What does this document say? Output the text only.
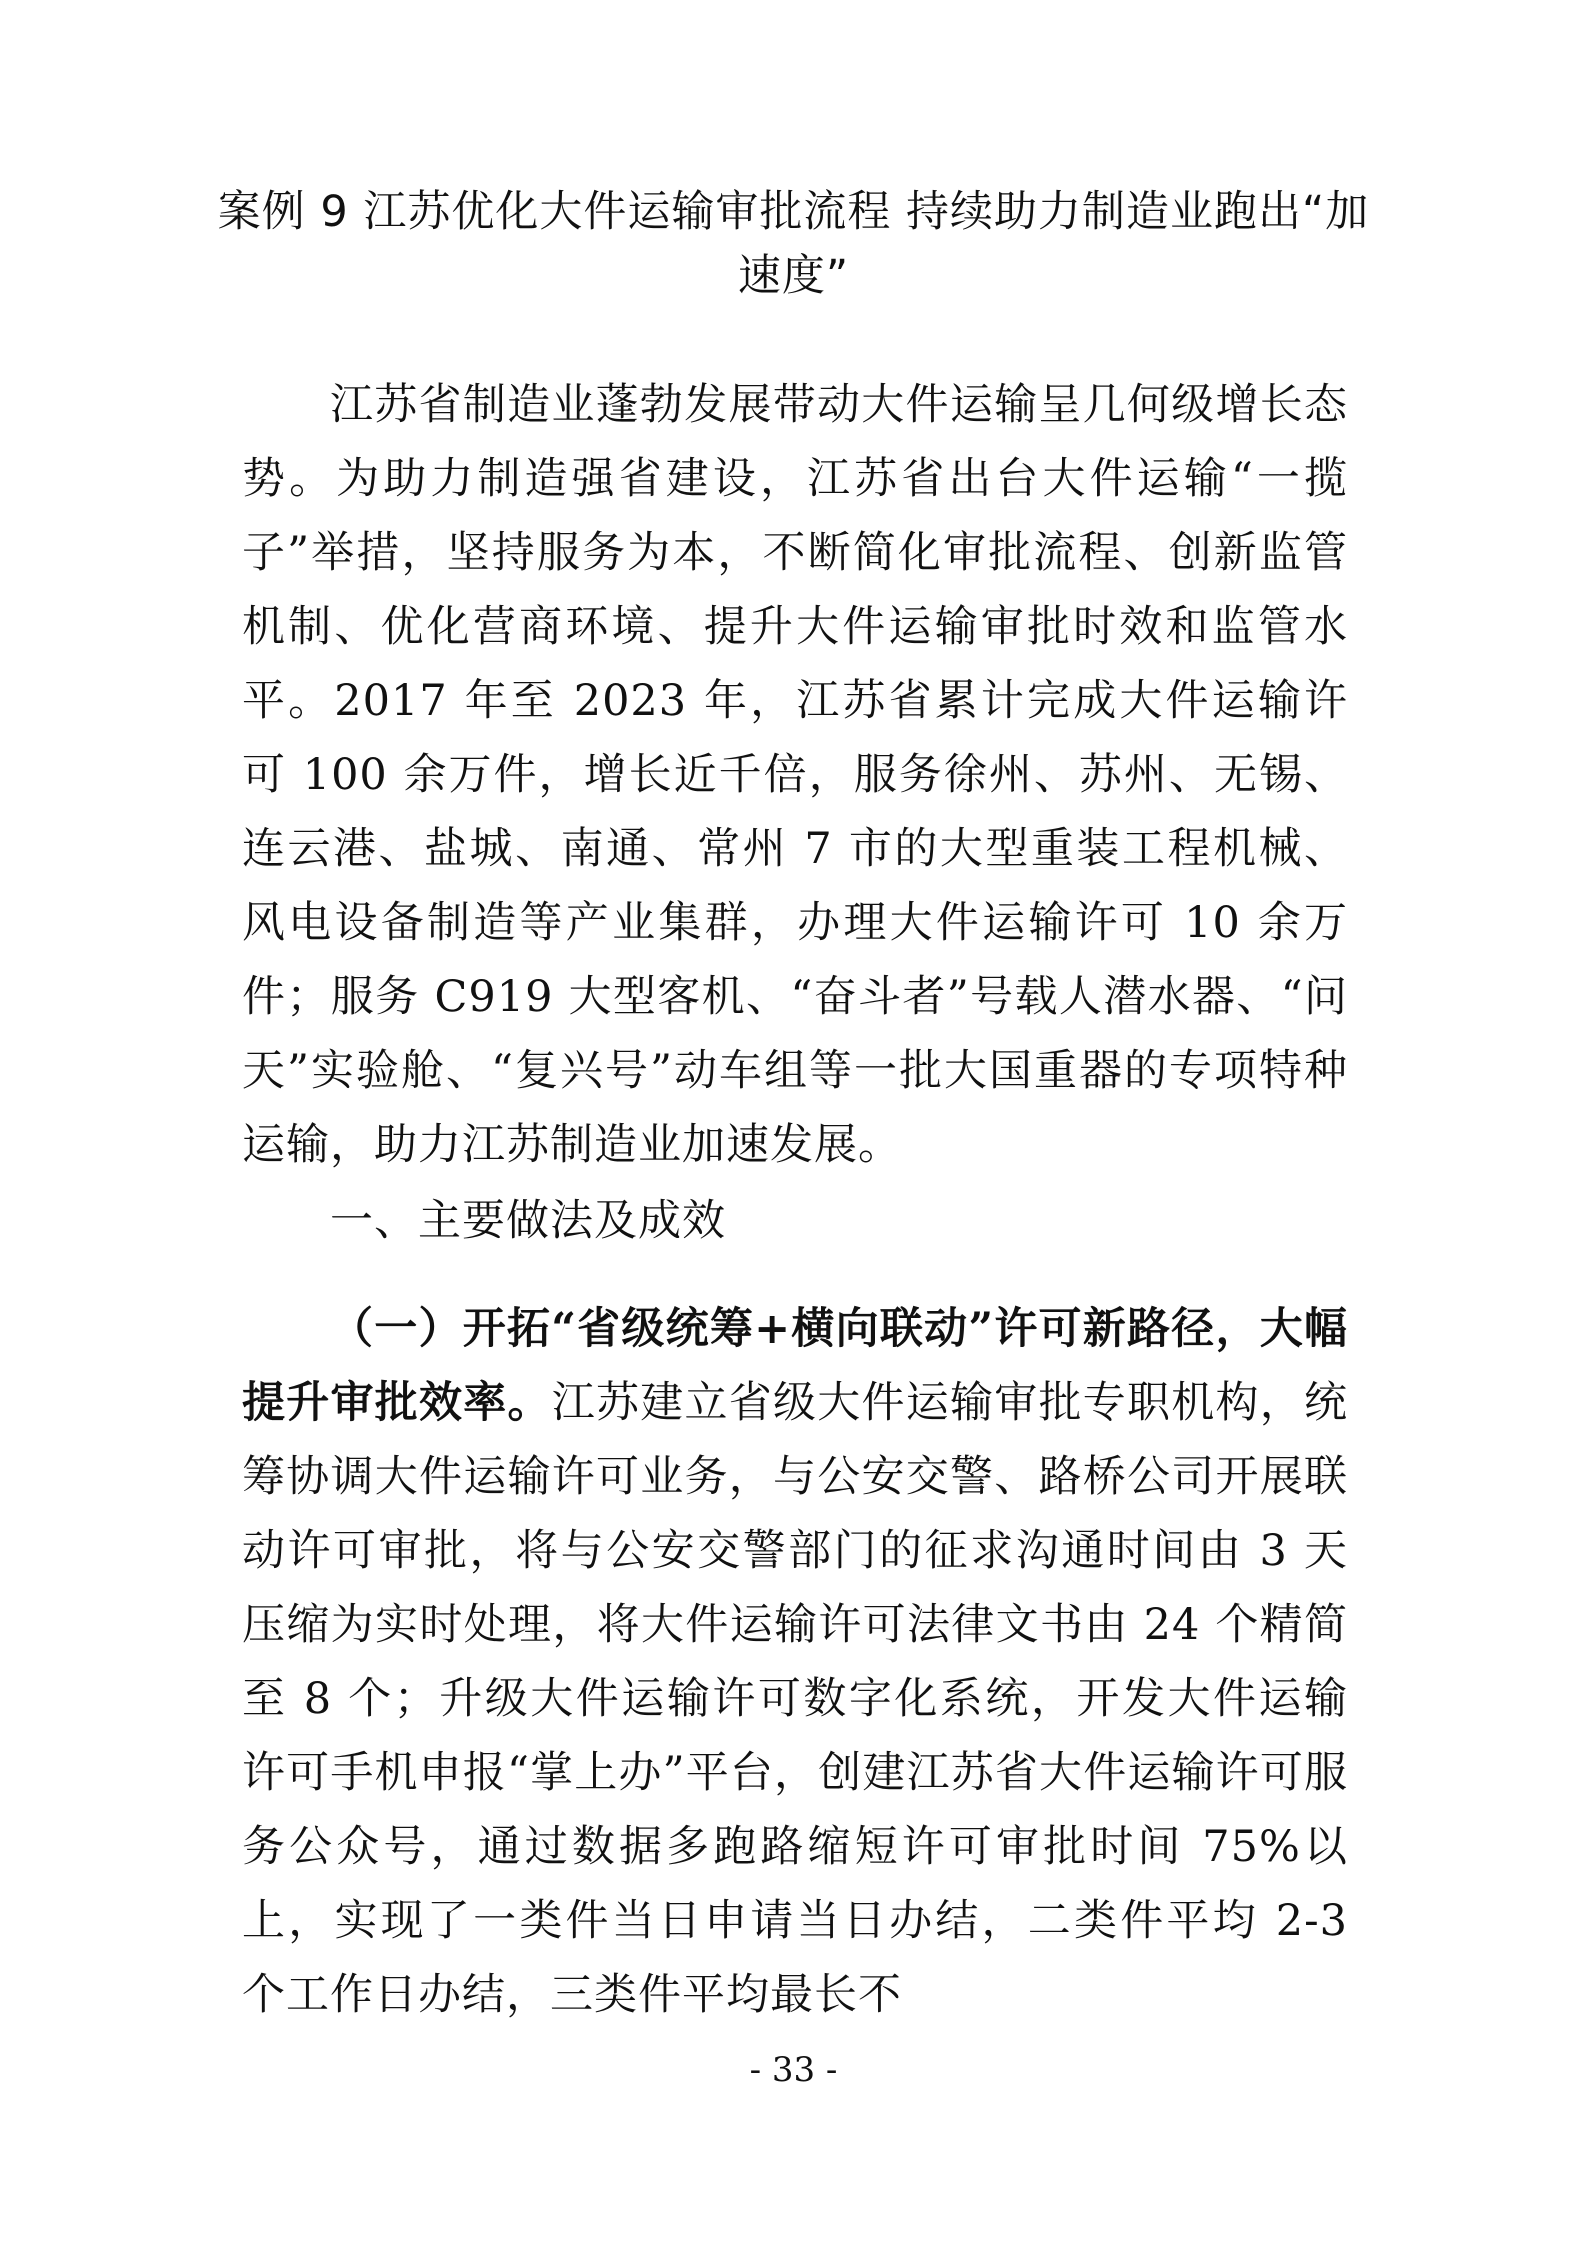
案例 9 江苏优化大件运输审批流程 持续助力制造业跑出“加速度”

江苏省制造业蓬勃发展带动大件运输呈几何级增长态势。为助力制造强省建设，江苏省出台大件运输“一揽子”举措，坚持服务为本，不断简化审批流程、创新监管机制、优化营商环境、提升大件运输审批时效和监管水平。2017 年至 2023 年，江苏省累计完成大件运输许可 100 余万件，增长近千倍，服务徐州、苏州、无锡、连云港、盐城、南通、常州 7 市的大型重装工程机械、风电设备制造等产业集群，办理大件运输许可 10 余万件；服务 C919 大型客机、“奋斗者”号载人潜水器、“问天”实验舱、“复兴号”动车组等一批大国重器的专项特种运输，助力江苏制造业加速发展。

一、主要做法及成效

（一）开拓“省级统筹+横向联动”许可新路径，大幅提升审批效率。江苏建立省级大件运输审批专职机构，统筹协调大件运输许可业务，与公安交警、路桥公司开展联动许可审批，将与公安交警部门的征求沟通时间由 3 天压缩为实时处理，将大件运输许可法律文书由 24 个精简至 8 个；升级大件运输许可数字化系统，开发大件运输许可手机申报“掌上办”平台，创建江苏省大件运输许可服务公众号，通过数据多跑路缩短许可审批时间 75%以上，实现了一类件当日申请当日办结，二类件平均 2-3 个工作日办结，三类件平均最长不

- 33 -
